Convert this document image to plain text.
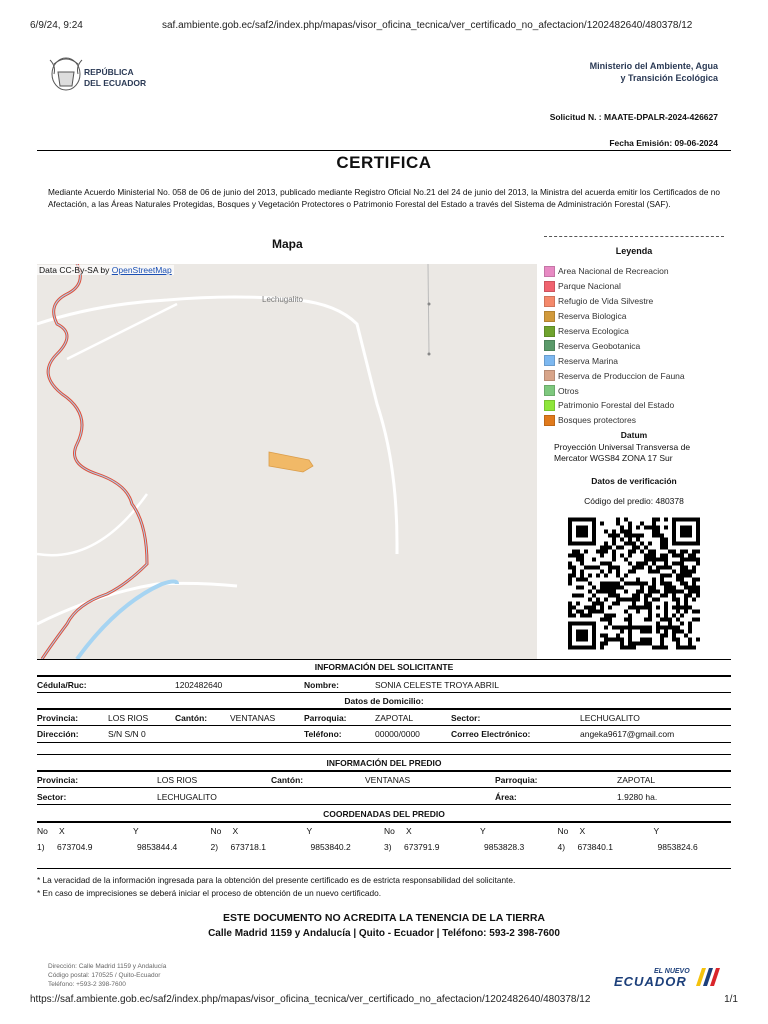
6/9/24, 9:24	saf.ambiente.gob.ec/saf2/index.php/mapas/visor_oficina_tecnica/ver_certificado_no_afectacion/1202482640/480378/12
REPÚBLICA
DEL ECUADOR
Ministerio del Ambiente, Agua
y Transición Ecológica
Solicitud N. : MAATE-DPALR-2024-426627
Fecha Emisión: 09-06-2024
CERTIFICA
Mediante Acuerdo Ministerial No. 058 de 06 de junio del 2013, publicado mediante Registro Oficial No.21 del 24 de junio del 2013, la Ministra del acuerda emitir los Certificados de no Afectación, a las Áreas Naturales Protegidas, Bosques y Vegetación Protectores o Patrimonio Forestal del Estado a través del Sistema de Administración Forestal (SAF).
Mapa
Lechugalito
Data CC-By-SA by OpenStreetMap
Leyenda
Area Nacional de Recreacion
Parque Nacional
Refugio de Vida Silvestre
Reserva Biologica
Reserva Ecologica
Reserva Geobotanica
Reserva Marina
Reserva de Produccion de Fauna
Otros
Patrimonio Forestal del Estado
Bosques protectores
Datum
Proyección Universal Transversa de Mercator WGS84 ZONA 17 Sur
Datos de verificación
Código del predio: 480378
INFORMACIÓN DEL SOLICITANTE
Cédula/Ruc:	1202482640	Nombre:	SONIA CELESTE TROYA ABRIL
Datos de Domicilio:
Provincia:	LOS RIOS	Cantón:	VENTANAS	Parroquia:	ZAPOTAL	Sector:	LECHUGALITO
Dirección:	S/N S/N 0	Teléfono:	00000/0000	Correo Electrónico:	angeka9617@gmail.com
INFORMACIÓN DEL PREDIO
Provincia:	LOS RIOS	Cantón:	VENTANAS	Parroquia:	ZAPOTAL
Sector:	LECHUGALITO	Área:	1.9280 ha.
COORDENADAS DEL PREDIO
No X	Y	No X	Y	No X	Y	No X	Y
1) 673704.9	9853844.4	2) 673718.1	9853840.2	3) 673791.9	9853828.3	4) 673840.1	9853824.6
* La veracidad de la información ingresada para la obtención del presente certificado es de estricta responsabilidad del solicitante.
* En caso de imprecisiones se deberá iniciar el proceso de obtención de un nuevo certificado.
ESTE DOCUMENTO NO ACREDITA LA TENENCIA DE LA TIERRA
Calle Madrid 1159 y Andalucía | Quito - Ecuador | Teléfono: 593-2 398-7600
Dirección: Calle Madrid 1159 y Andalucía
Código postal: 170525 / Quito-Ecuador
Teléfono: +593-2 398-7600
EL NUEVO
ECUADOR
https://saf.ambiente.gob.ec/saf2/index.php/mapas/visor_oficina_tecnica/ver_certificado_no_afectacion/1202482640/480378/12	1/1
